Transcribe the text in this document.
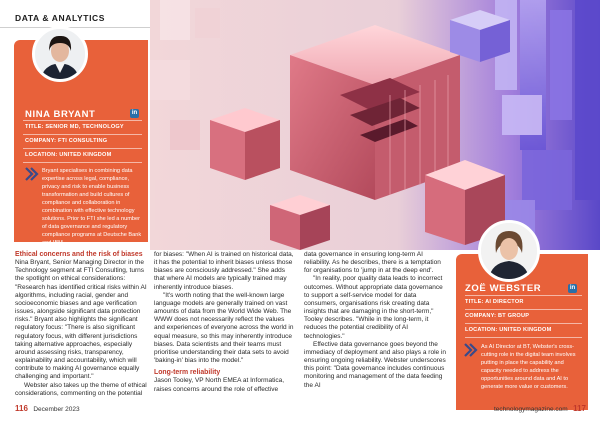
DATA & ANALYTICS
NINA BRYANT	in
TITLE: SENIOR MD, TECHNOLOGY
COMPANY: FTI CONSULTING
LOCATION: UNITED KINGDOM
Bryant specialises in combining data expertise across legal, compliance, privacy and risk to enable business transformation and build cultures of compliance and collaboration in combination with effective technology solutions. Prior to FTI she led a number of data governance and regulatory compliance programs at Deutsche Bank and IBM.
ZOË WEBSTER	in
TITLE: AI DIRECTOR
COMPANY: BT GROUP
LOCATION: UNITED KINGDOM
As AI Director at BT, Webster's cross-cutting role in the digital team involves putting in place the capability and capacity needed to address the opportunities around data and AI to generate more value or customers.
Ethical concerns and the risk of biases

Nina Bryant, Senior Managing Director in the Technology segment at FTI Consulting, turns the spotlight on ethical considerations: "Research has identified critical risks within AI algorithms, including racial, gender and socioeconomic biases and age verification issues, alongside significant data protection risks." Bryant also highlights the significant regulatory focus: "There is also significant regulatory focus, with different jurisdictions taking alternative approaches, especially around assessing risks, transparency, explainability and accountability, which will contribute to making AI governance equally challenging and important."

Webster also takes up the theme of ethical considerations, commenting on the potential

for biases: "When AI is trained on historical data, it has the potential to inherit biases unless those biases are consciously addressed." She adds that where AI models are typically trained may inherently introduce biases.

"It's worth noting that the well-known large language models are generally trained on vast amounts of data from the World Wide Web. The WWW does not necessarily reflect the values and experiences of everyone across the world in equal measure, so this may inherently introduce biases. Data scientists and their teams must prioritise understanding their data sets to avoid 'baking-in' bias into the model."

Long-term reliability

Jason Tooley, VP North EMEA at Informatica, raises concerns around the role of effective

data governance in ensuring long-term AI reliability. As he describes, there is a temptation for organisations to 'jump in at the deep end'.

"In reality, poor quality data leads to incorrect outcomes. Without appropriate data governance to support a self-service model for data consumers, organisations risk creating data insights that are damaging in the short-term," Tooley describes. "While in the long-term, it reduces the potential credibility of AI technologies."

Effective data governance goes beyond the immediacy of deployment and also plays a role in ensuring ongoing reliability. Webster underscores this point: "Data governance includes continuous monitoring and management of the data feeding the AI

116 December 2023	technologymagazine.com 117
